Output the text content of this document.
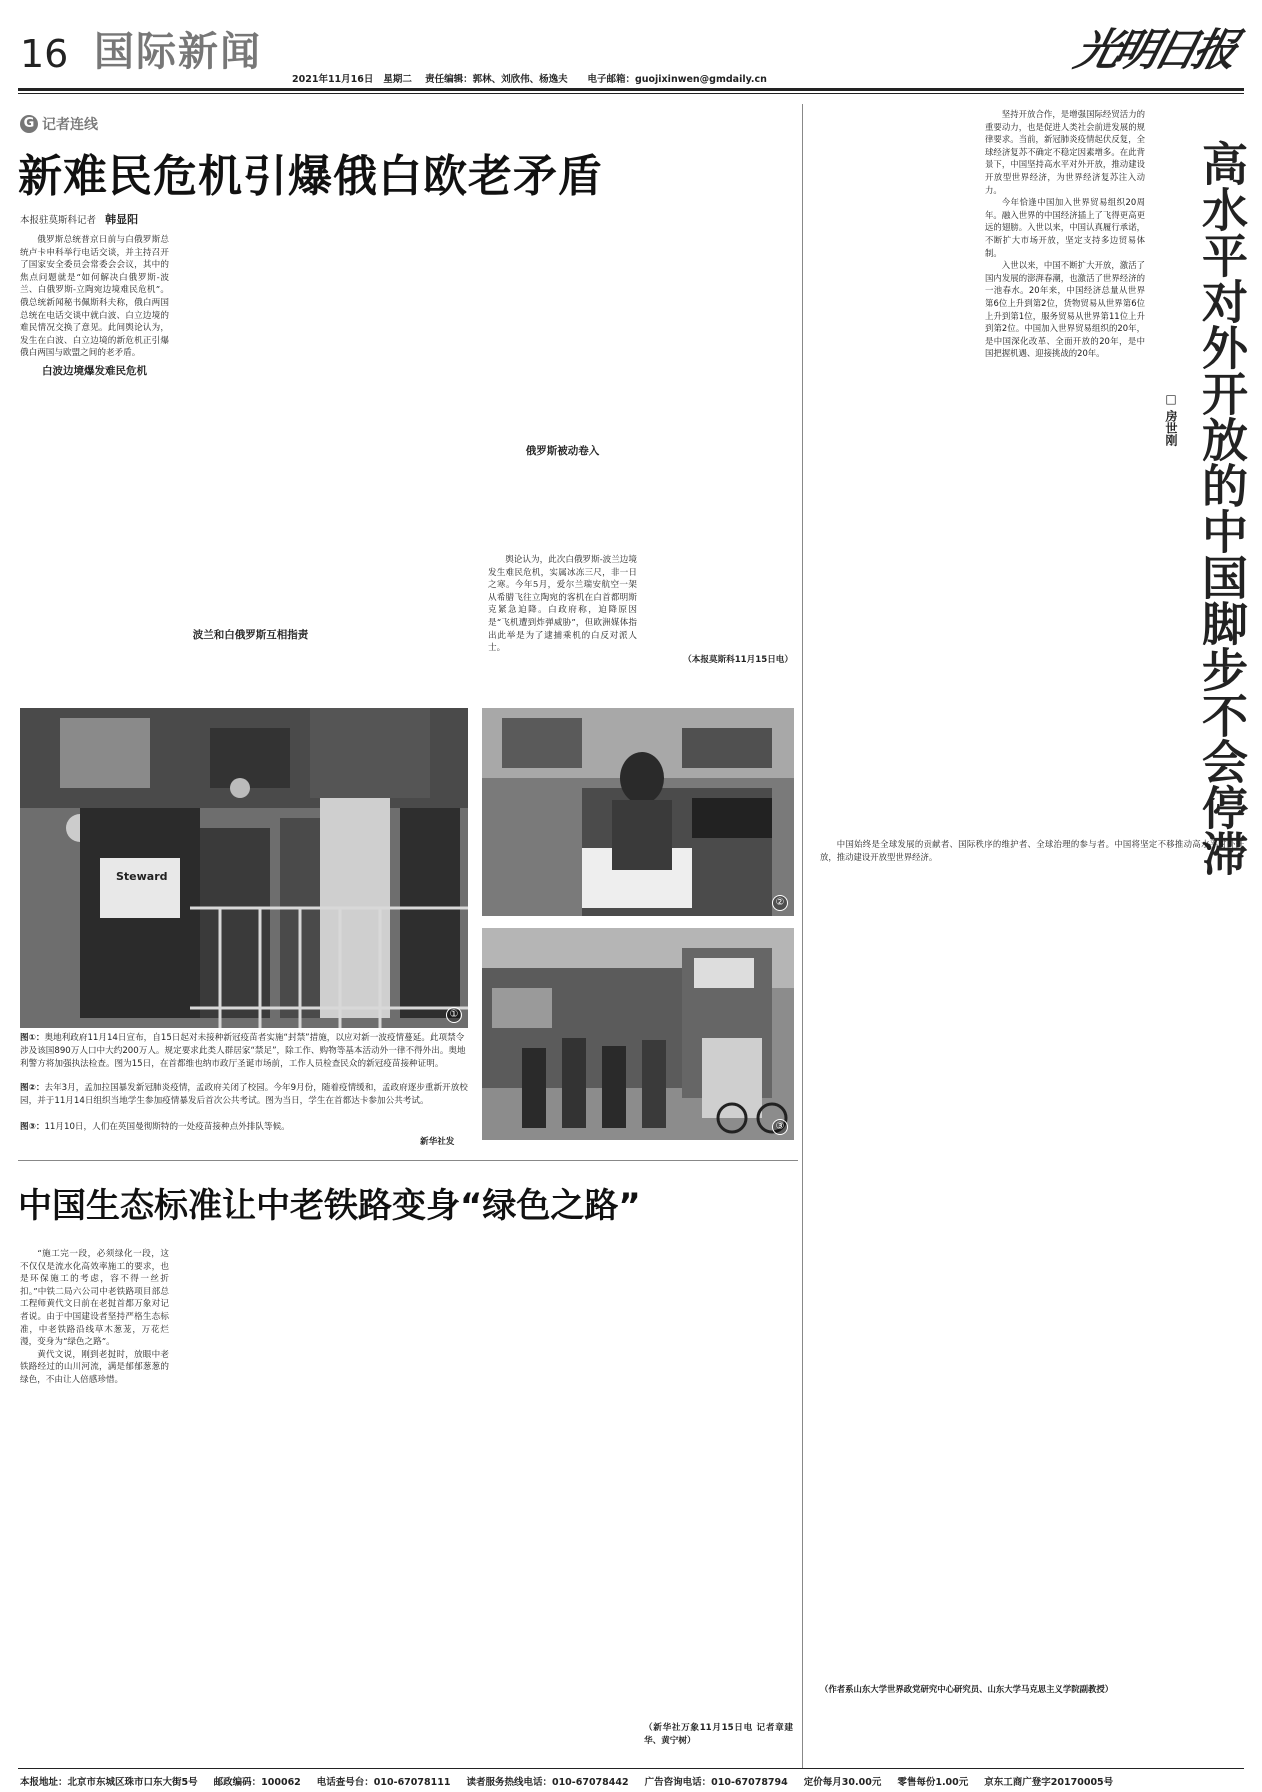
16 国际新闻
2021年11月16日 星期二 责任编辑：郭林、刘欣伟、杨逸夫 电子邮箱：guojixinwen@gmdaily.cn
光明日报
G 记者连线
新难民危机引爆俄白欧老矛盾
本报驻莫斯科记者 韩显阳

俄罗斯总统普京日前与白俄罗斯总统卢卡申科举行电话交谈，并主持召开了国家安全委员会常委会会议，其中的焦点问题就是“如何解决白俄罗斯-波兰、白俄罗斯-立陶宛边境难民危机”。俄总统新闻秘书佩斯科夫称，俄白两国总统在电话交谈中就白波、白立边境的难民情况交换了意见。此间舆论认为，发生在白波、白立边境的新危机正引爆俄白两国与欧盟之间的老矛盾。

白波边境爆发难民危机

波兰和白俄罗斯互相指责

俄罗斯被动卷入

舆论认为，此次白俄罗斯-波兰边境发生难民危机，实属冰冻三尺，非一日之寒。今年5月，爱尔兰瑞安航空一架从希腊飞往立陶宛的客机在白首都明斯克紧急迫降。白政府称，迫降原因是“飞机遭到炸弹威胁”，但欧洲媒体指出此举是为了逮捕乘机的白反对派人士。

（本报莫斯科11月15日电）

Steward
①
②
③
图①：奥地利政府11月14日宣布，自15日起对未接种新冠疫苗者实施“封禁”措施，以应对新一波疫情蔓延。此项禁令涉及该国890万人口中大约200万人。规定要求此类人群居家“禁足”，除工作、购物等基本活动外一律不得外出。奥地利警方将加强执法检查。图为15日，在首都维也纳市政厅圣诞市场前，工作人员检查民众的新冠疫苗接种证明。
图②：去年3月，孟加拉国暴发新冠肺炎疫情，孟政府关闭了校园。今年9月份，随着疫情缓和，孟政府逐步重新开放校园，并于11月14日组织当地学生参加疫情暴发后首次公共考试。图为当日，学生在首都达卡参加公共考试。
图③：11月10日，人们在英国曼彻斯特的一处疫苗接种点外排队等候。
新华社发
中国生态标准让中老铁路变身“绿色之路”

“施工完一段，必须绿化一段，这不仅仅是流水化高效率施工的要求，也是环保施工的考虑，容不得一丝折扣。”中铁二局六公司中老铁路项目部总工程师黄代文日前在老挝首都万象对记者说。由于中国建设者坚持严格生态标准，中老铁路沿线草木葱茏，万花烂漫，变身为“绿色之路”。

黄代文说，刚到老挝时，放眼中老铁路经过的山川河流，满是郁郁葱葱的绿色，不由让人倍感珍惜。

（新华社万象11月15日电 记者章建华、黄宁树）

高水平对外开放的中国脚步不会停滞
□ 房世刚

坚持开放合作，是增强国际经贸活力的重要动力，也是促进人类社会前进发展的规律要求。当前，新冠肺炎疫情起伏反复，全球经济复苏不确定不稳定因素增多。在此背景下，中国坚持高水平对外开放，推动建设开放型世界经济，为世界经济复苏注入动力。

今年恰逢中国加入世界贸易组织20周年。融入世界的中国经济插上了飞得更高更远的翅膀。入世以来，中国认真履行承诺，不断扩大市场开放，坚定支持多边贸易体制。

入世以来，中国不断扩大开放，激活了国内发展的澎湃春潮，也激活了世界经济的一池春水。20年来，中国经济总量从世界第6位上升到第2位，货物贸易从世界第6位上升到第1位，服务贸易从世界第11位上升到第2位。中国加入世界贸易组织的20年，是中国深化改革、全面开放的20年，是中国把握机遇、迎接挑战的20年。

中国始终是全球发展的贡献者、国际秩序的维护者、全球治理的参与者。中国将坚定不移推动高水平对外开放，推动建设开放型世界经济。

（作者系山东大学世界政党研究中心研究员、山东大学马克思主义学院副教授）

本报地址：北京市东城区珠市口东大街5号 邮政编码：100062 电话查号台：010-67078111 读者服务热线电话：010-67078442 广告咨询电话：010-67078794 定价每月30.00元 零售每份1.00元 京东工商广登字20170005号
